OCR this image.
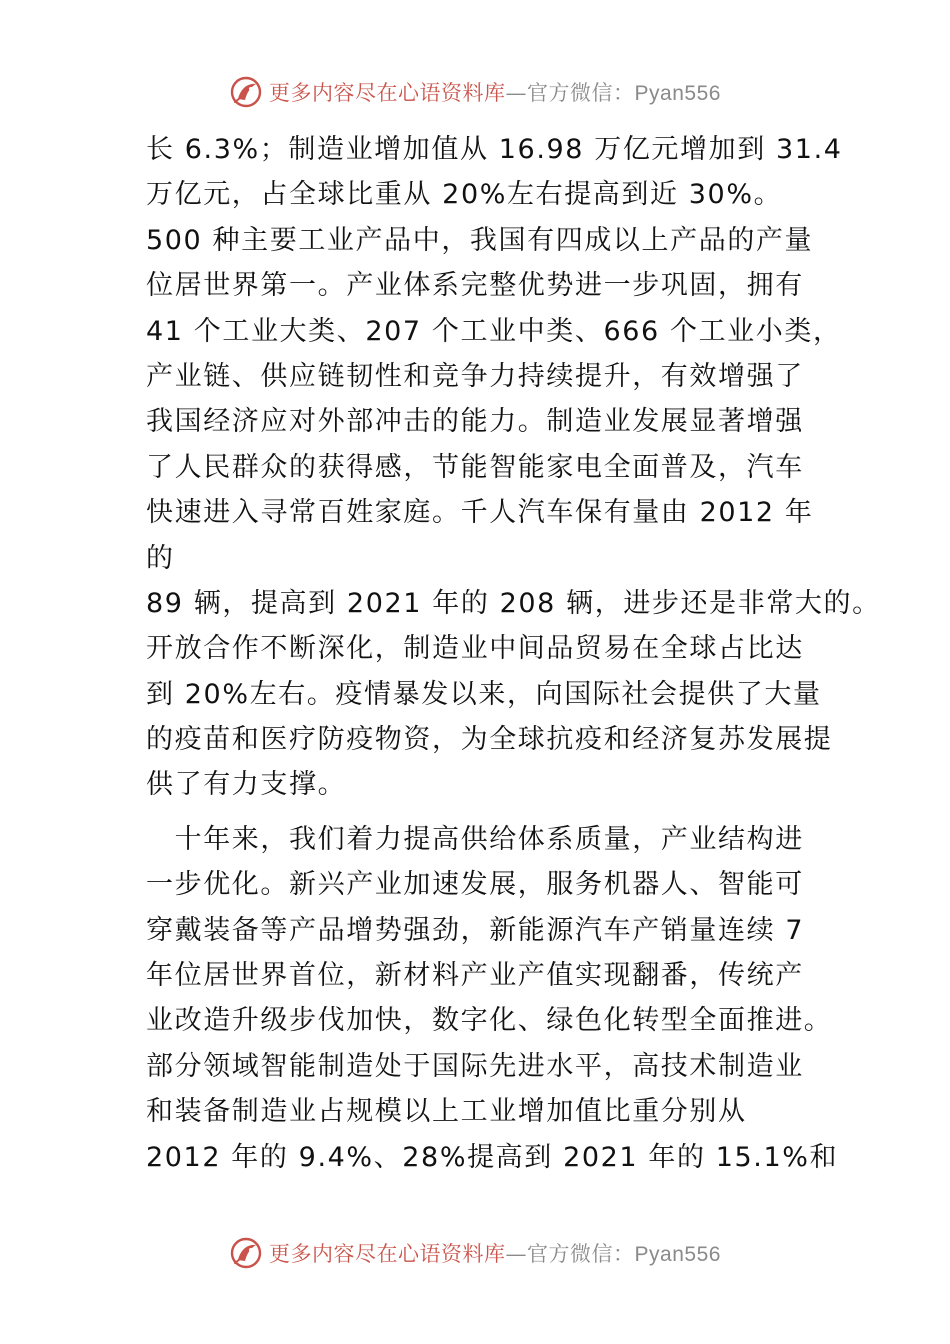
更多内容尽在心语资料库—官方微信：Pyan556
长 6.3%；制造业增加值从 16.98 万亿元增加到 31.4
万亿元，占全球比重从 20%左右提高到近 30%。
500 种主要工业产品中，我国有四成以上产品的产量
位居世界第一。产业体系完整优势进一步巩固，拥有
41 个工业大类、207 个工业中类、666 个工业小类，
产业链、供应链韧性和竞争力持续提升，有效增强了
我国经济应对外部冲击的能力。制造业发展显著增强
了人民群众的获得感，节能智能家电全面普及，汽车
快速进入寻常百姓家庭。千人汽车保有量由 2012 年
的
89 辆，提高到 2021 年的 208 辆，进步还是非常大的。
开放合作不断深化，制造业中间品贸易在全球占比达
到 20%左右。疫情暴发以来，向国际社会提供了大量
的疫苗和医疗防疫物资，为全球抗疫和经济复苏发展提
供了有力支撑。
　十年来，我们着力提高供给体系质量，产业结构进
一步优化。新兴产业加速发展，服务机器人、智能可
穿戴装备等产品增势强劲，新能源汽车产销量连续 7
年位居世界首位，新材料产业产值实现翻番，传统产
业改造升级步伐加快，数字化、绿色化转型全面推进。
部分领域智能制造处于国际先进水平，高技术制造业
和装备制造业占规模以上工业增加值比重分别从
2012 年的 9.4%、28%提高到 2021 年的 15.1%和
更多内容尽在心语资料库—官方微信：Pyan556
